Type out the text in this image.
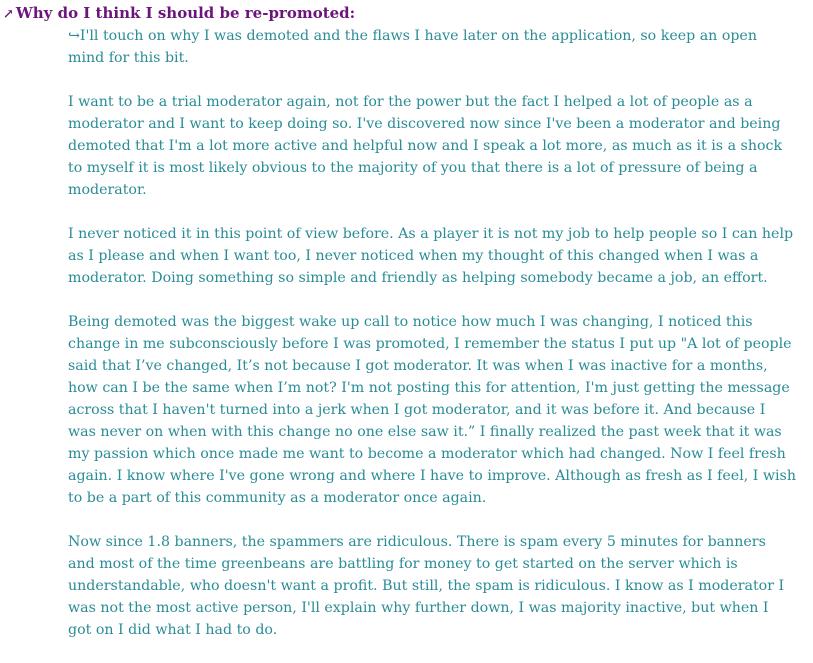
↗ Why do I think I should be re-promoted:

↪I'll touch on why I was demoted and the flaws I have later on the application, so keep an open mind for this bit.

I want to be a trial moderator again, not for the power but the fact I helped a lot of people as a moderator and I want to keep doing so. I've discovered now since I've been a moderator and being demoted that I'm a lot more active and helpful now and I speak a lot more, as much as it is a shock to myself it is most likely obvious to the majority of you that there is a lot of pressure of being a moderator.

I never noticed it in this point of view before. As a player it is not my job to help people so I can help as I please and when I want too, I never noticed when my thought of this changed when I was a moderator. Doing something so simple and friendly as helping somebody became a job, an effort.

Being demoted was the biggest wake up call to notice how much I was changing, I noticed this change in me subconsciously before I was promoted, I remember the status I put up "A lot of people said that I’ve changed, It’s not because I got moderator. It was when I was inactive for a months, how can I be the same when I’m not? I'm not posting this for attention, I'm just getting the message across that I haven't turned into a jerk when I got moderator, and it was before it. And because I was never on when with this change no one else saw it.” I finally realized the past week that it was my passion which once made me want to become a moderator which had changed. Now I feel fresh again. I know where I've gone wrong and where I have to improve. Although as fresh as I feel, I wish to be a part of this community as a moderator once again.

Now since 1.8 banners, the spammers are ridiculous. There is spam every 5 minutes for banners and most of the time greenbeans are battling for money to get started on the server which is understandable, who doesn't want a profit. But still, the spam is ridiculous. I know as I moderator I was not the most active person, I'll explain why further down, I was majority inactive, but when I got on I did what I had to do.
